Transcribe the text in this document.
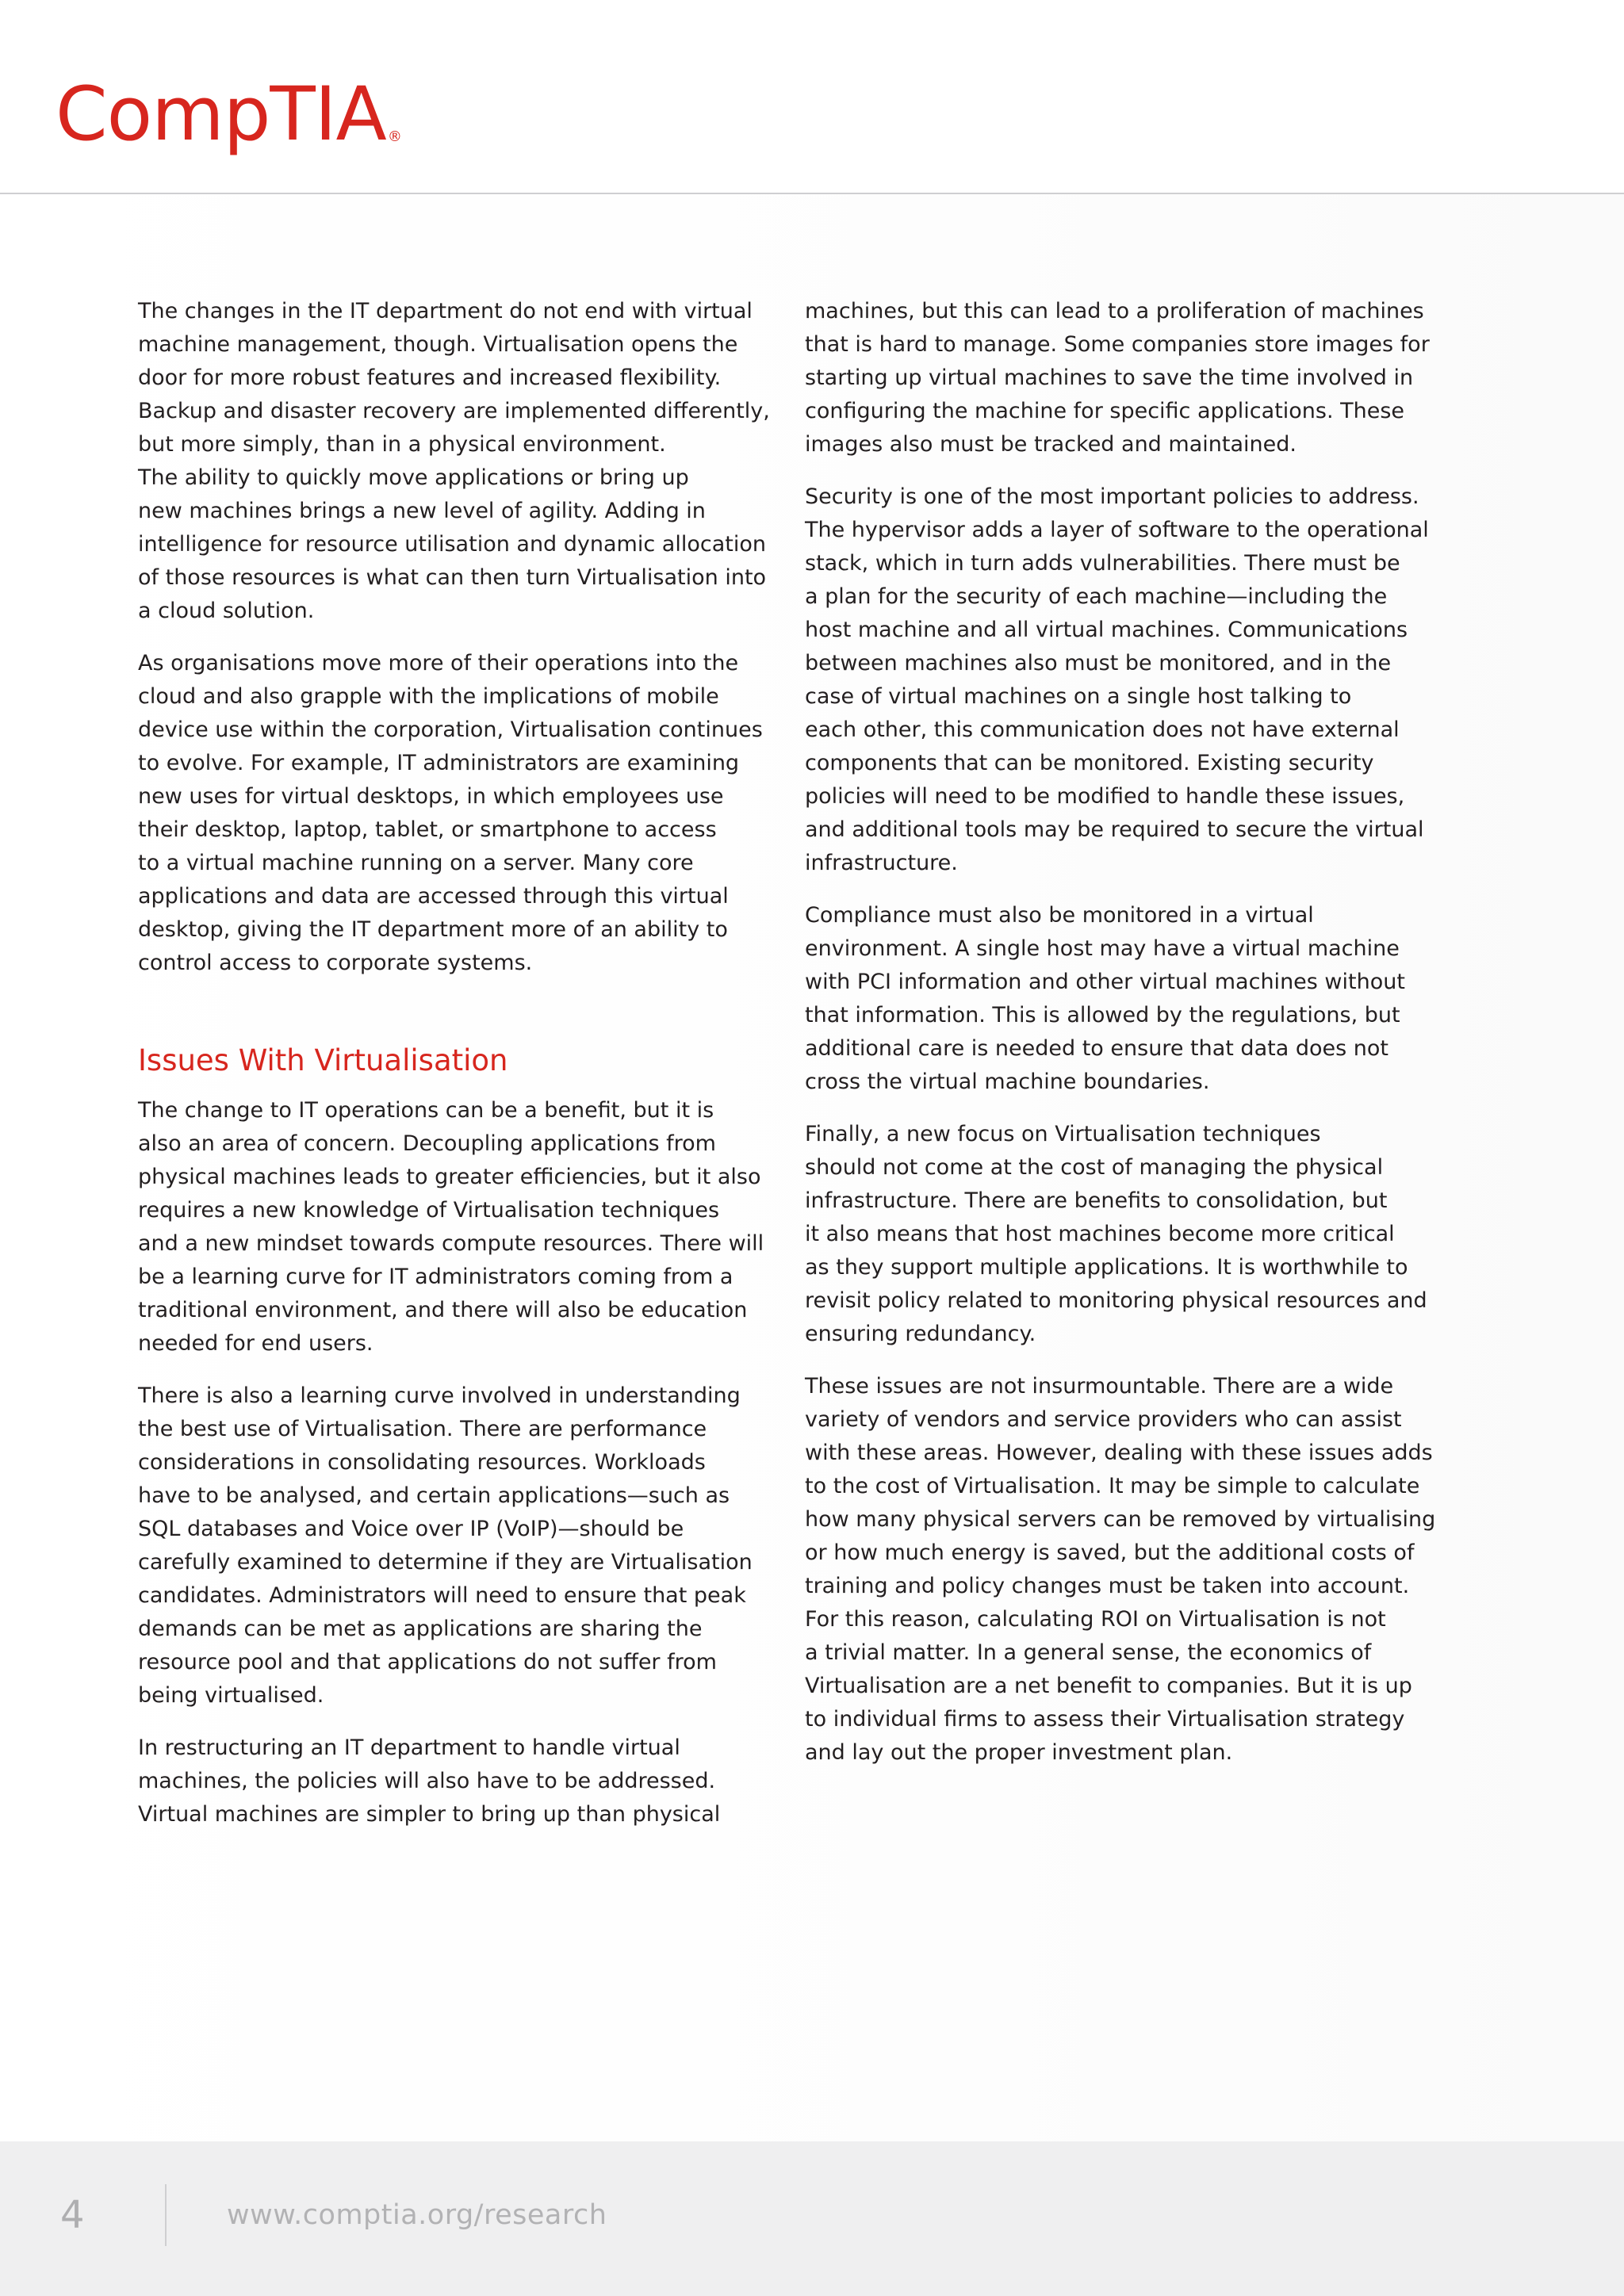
CompTIA ®

The changes in the IT department do not end with virtual
machine management, though. Virtualisation opens the
door for more robust features and increased flexibility.
Backup and disaster recovery are implemented differently,
but more simply, than in a physical environment.

The ability to quickly move applications or bring up
new machines brings a new level of agility. Adding in
intelligence for resource utilisation and dynamic allocation
of those resources is what can then turn Virtualisation into
a cloud solution.

As organisations move more of their operations into the
cloud and also grapple with the implications of mobile
device use within the corporation, Virtualisation continues
to evolve. For example, IT administrators are examining
new uses for virtual desktops, in which employees use
their desktop, laptop, tablet, or smartphone to access
to a virtual machine running on a server. Many core
applications and data are accessed through this virtual
desktop, giving the IT department more of an ability to
control access to corporate systems.

Issues With Virtualisation

The change to IT operations can be a benefit, but it is
also an area of concern. Decoupling applications from
physical machines leads to greater efficiencies, but it also
requires a new knowledge of Virtualisation techniques
and a new mindset towards compute resources. There will
be a learning curve for IT administrators coming from a
traditional environment, and there will also be education
needed for end users.

There is also a learning curve involved in understanding
the best use of Virtualisation. There are performance
considerations in consolidating resources. Workloads
have to be analysed, and certain applications—such as
SQL databases and Voice over IP (VoIP)—should be
carefully examined to determine if they are Virtualisation
candidates. Administrators will need to ensure that peak
demands can be met as applications are sharing the
resource pool and that applications do not suffer from
being virtualised.

In restructuring an IT department to handle virtual
machines, the policies will also have to be addressed.
Virtual machines are simpler to bring up than physical

machines, but this can lead to a proliferation of machines
that is hard to manage. Some companies store images for
starting up virtual machines to save the time involved in
configuring the machine for specific applications. These
images also must be tracked and maintained.

Security is one of the most important policies to address.
The hypervisor adds a layer of software to the operational
stack, which in turn adds vulnerabilities. There must be
a plan for the security of each machine—including the
host machine and all virtual machines. Communications
between machines also must be monitored, and in the
case of virtual machines on a single host talking to
each other, this communication does not have external
components that can be monitored. Existing security
policies will need to be modified to handle these issues,
and additional tools may be required to secure the virtual
infrastructure.

Compliance must also be monitored in a virtual
environment. A single host may have a virtual machine
with PCI information and other virtual machines without
that information. This is allowed by the regulations, but
additional care is needed to ensure that data does not
cross the virtual machine boundaries.

Finally, a new focus on Virtualisation techniques
should not come at the cost of managing the physical
infrastructure. There are benefits to consolidation, but
it also means that host machines become more critical
as they support multiple applications. It is worthwhile to
revisit policy related to monitoring physical resources and
ensuring redundancy.

These issues are not insurmountable. There are a wide
variety of vendors and service providers who can assist
with these areas. However, dealing with these issues adds
to the cost of Virtualisation. It may be simple to calculate
how many physical servers can be removed by virtualising
or how much energy is saved, but the additional costs of
training and policy changes must be taken into account.
For this reason, calculating ROI on Virtualisation is not
a trivial matter. In a general sense, the economics of
Virtualisation are a net benefit to companies. But it is up
to individual firms to assess their Virtualisation strategy
and lay out the proper investment plan.

4	www.comptia.org/research
